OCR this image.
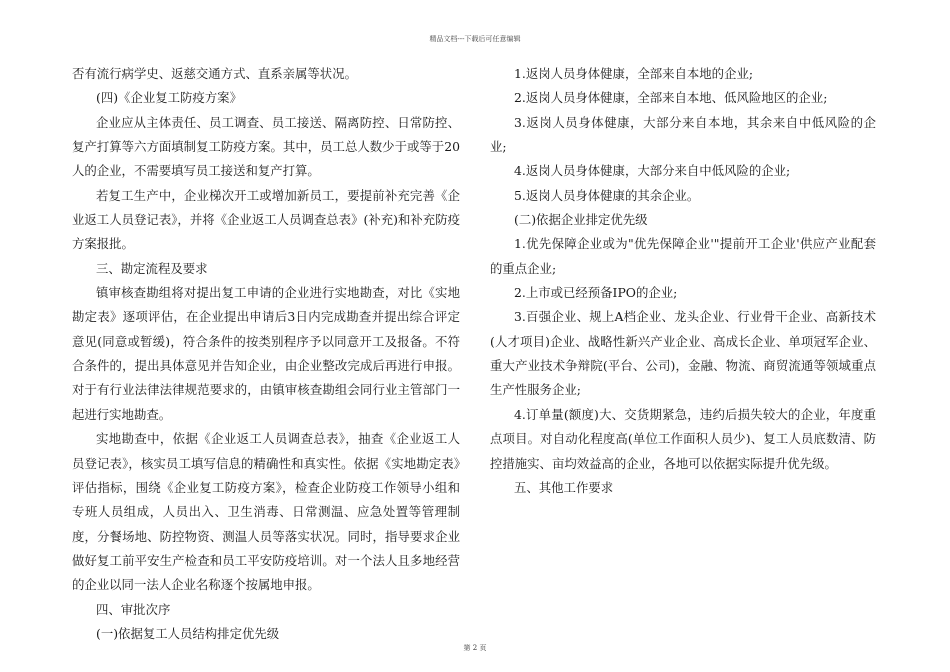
精品文档---下载后可任意编辑

否有流行病学史、返慈交通方式、直系亲属等状况。

(四)《企业复工防疫方案》

企业应从主体责任、员工调查、员工接送、隔离防控、日常防控、复产打算等六方面填制复工防疫方案。其中，员工总人数少于或等于20人的企业，不需要填写员工接送和复产打算。

若复工生产中，企业梯次开工或增加新员工，要提前补充完善《企业返工人员登记表》，并将《企业返工人员调查总表》(补充)和补充防疫方案报批。

三、勘定流程及要求

镇审核查勘组将对提出复工申请的企业进行实地勘查，对比《实地勘定表》逐项评估，在企业提出申请后3日内完成勘查并提出综合评定意见(同意或暂缓)，符合条件的按类别程序予以同意开工及报备。不符合条件的，提出具体意见并告知企业，由企业整改完成后再进行申报。对于有行业法律法律规范要求的，由镇审核查勘组会同行业主管部门一起进行实地勘查。

实地勘查中，依据《企业返工人员调查总表》，抽查《企业返工人员登记表》，核实员工填写信息的精确性和真实性。依据《实地勘定表》评估指标，围绕《企业复工防疫方案》，检查企业防疫工作领导小组和专班人员组成，人员出入、卫生消毒、日常测温、应急处置等管理制度，分餐场地、防控物资、测温人员等落实状况。同时，指导要求企业做好复工前平安生产检查和员工平安防疫培训。对一个法人且多地经营的企业以同一法人企业名称逐个按属地申报。

四、审批次序

(一)依据复工人员结构排定优先级

1.返岗人员身体健康，全部来自本地的企业;

2.返岗人员身体健康，全部来自本地、低风险地区的企业;

3.返岗人员身体健康，大部分来自本地，其余来自中低风险的企业;

4.返岗人员身体健康，大部分来自中低风险的企业;

5.返岗人员身体健康的其余企业。

(二)依据企业排定优先级

1.优先保障企业或为"优先保障企业'"提前开工企业'供应产业配套的重点企业;

2.上市或已经预备IPO的企业;

3.百强企业、规上A档企业、龙头企业、行业骨干企业、高新技术(人才项目)企业、战略性新兴产业企业、高成长企业、单项冠军企业、重大产业技术争辩院(平台、公司)，金融、物流、商贸流通等领域重点生产性服务企业;

4.订单量(额度)大、交货期紧急，违约后损失较大的企业，年度重点项目。对自动化程度高(单位工作面积人员少)、复工人员底数清、防控措施实、亩均效益高的企业，各地可以依据实际提升优先级。

五、其他工作要求

第 2 页
